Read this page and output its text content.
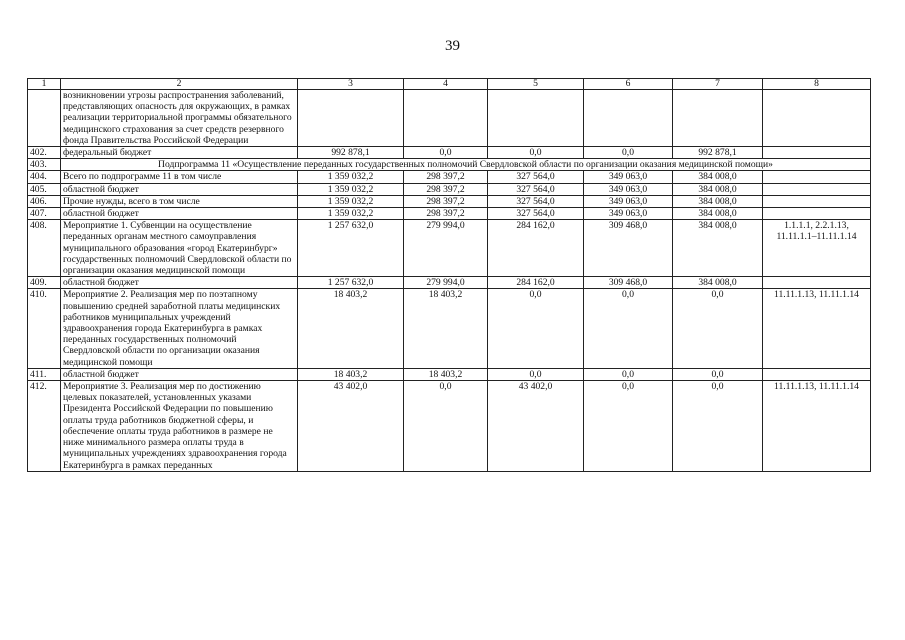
39
1	2	3	4	5	6	7	8
	возникновении угрозы распространения заболеваний, представляющих опасность для окружающих, в рамках реализации территориальной программы обязательного медицинского страхования за счет средств резервного фонда Правительства Российской Федерации						
402.	федеральный бюджет	992 878,1	0,0	0,0	0,0	992 878,1	
403.	Подпрограмма 11 «Осуществление переданных государственных полномочий Свердловской области по организации оказания медицинской помощи»						
404.	Всего по подпрограмме 11 в том числе	1 359 032,2	298 397,2	327 564,0	349 063,0	384 008,0	
405.	областной бюджет	1 359 032,2	298 397,2	327 564,0	349 063,0	384 008,0	
406.	Прочие нужды, всего в том числе	1 359 032,2	298 397,2	327 564,0	349 063,0	384 008,0	
407.	областной бюджет	1 359 032,2	298 397,2	327 564,0	349 063,0	384 008,0	
408.	Мероприятие 1. Субвенции на осуществление переданных органам местного самоуправления муниципального образования «город Екатеринбург» государственных полномочий Свердловской области по организации оказания медицинской помощи	1 257 632,0	279 994,0	284 162,0	309 468,0	384 008,0	1.1.1.1, 2.2.1.13, 11.11.1.1–11.11.1.14
409.	областной бюджет	1 257 632,0	279 994,0	284 162,0	309 468,0	384 008,0	
410.	Мероприятие 2. Реализация мер по поэтапному повышению средней заработной платы медицинских работников муниципальных учреждений здравоохранения города Екатеринбурга в рамках переданных государственных полномочий Свердловской области по организации оказания медицинской помощи	18 403,2	18 403,2	0,0	0,0	0,0	11.11.1.13, 11.11.1.14
411.	областной бюджет	18 403,2	18 403,2	0,0	0,0	0,0	
412.	Мероприятие 3. Реализация мер по достижению целевых показателей, установленных указами Президента Российской Федерации по повышению оплаты труда работников бюджетной сферы, и обеспечение оплаты труда работников в размере не ниже минимального размера оплаты труда в муниципальных учреждениях здравоохранения города Екатеринбурга в рамках переданных	43 402,0	0,0	43 402,0	0,0	0,0	11.11.1.13, 11.11.1.14
